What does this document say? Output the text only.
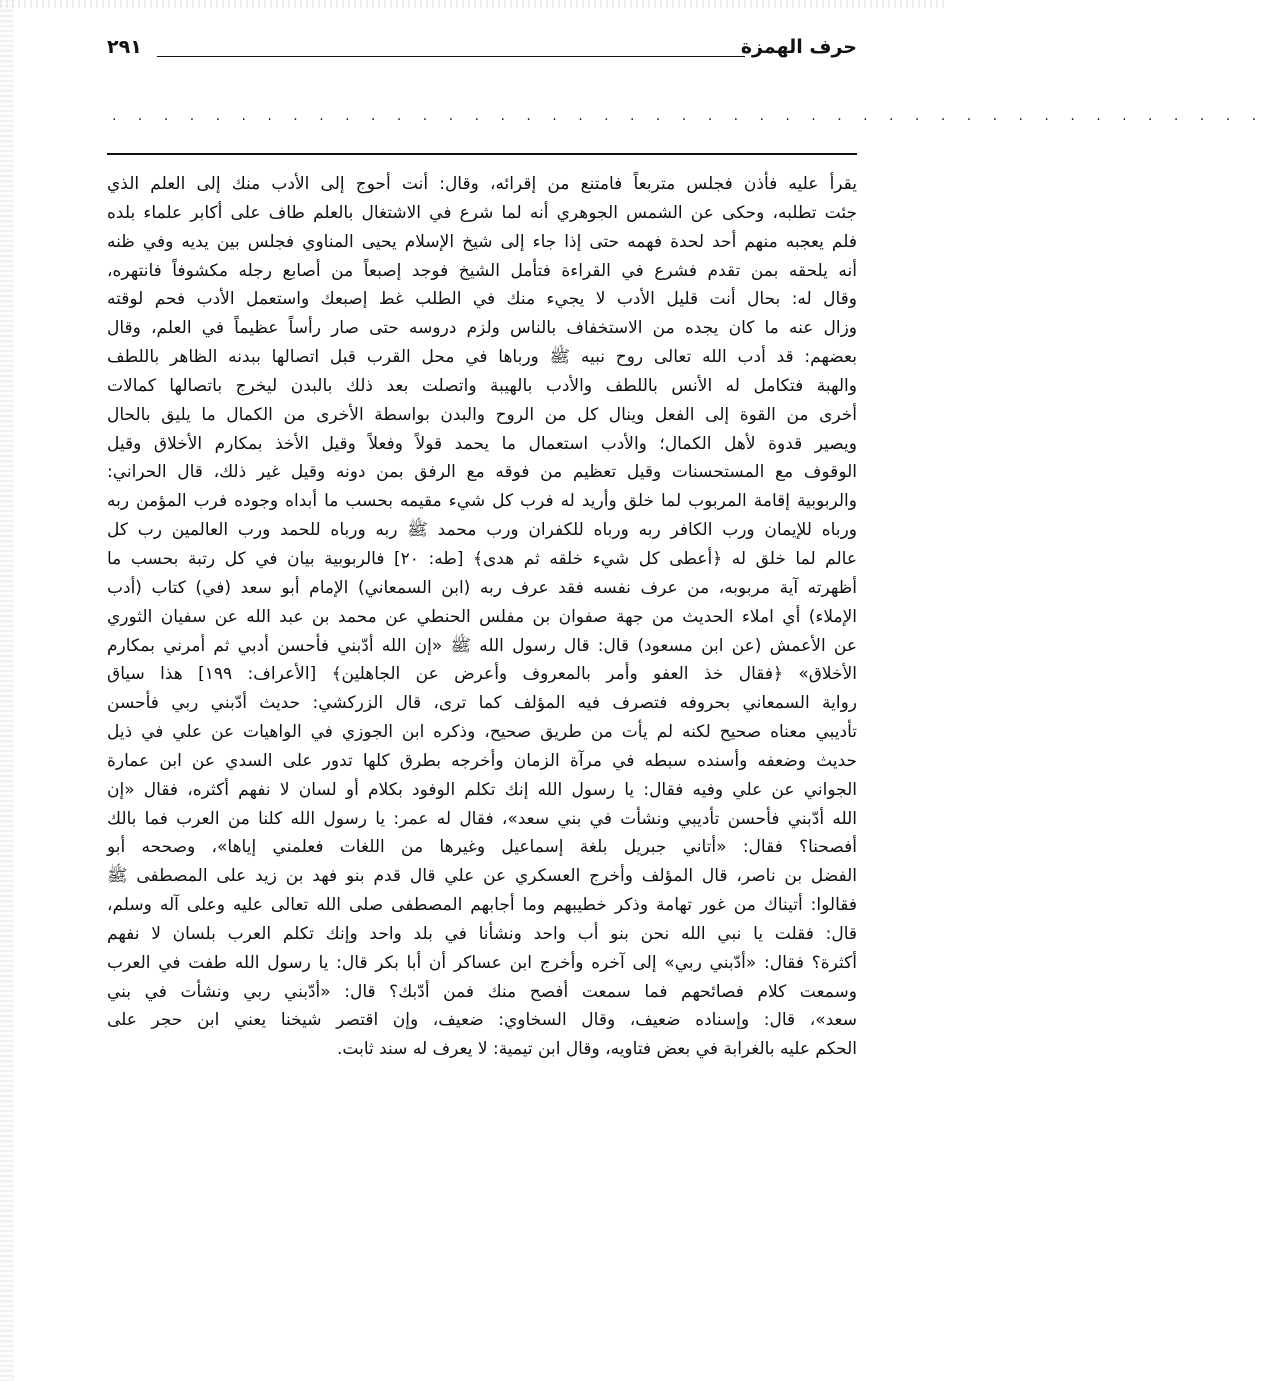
حرف الهمزة
٢٩١
. . . . . . . . . . . . . . . . . . . . . . . . . . . . . . . . . . . . . . . . . . . . .
يقرأ عليه فأذن فجلس متربعاً فامتنع من إقرائه، وقال: أنت أحوج إلى الأدب منك إلى العلم الذي
جئت تطلبه، وحكى عن الشمس الجوهري أنه لما شرع في الاشتغال بالعلم طاف على أكابر علماء بلده
فلم يعجبه منهم أحد لحدة فهمه حتى إذا جاء إلى شيخ الإسلام يحيى المناوي فجلس بين يديه وفي ظنه
أنه يلحقه بمن تقدم فشرع في القراءة فتأمل الشيخ فوجد إصبعاً من أصابع رجله مكشوفاً فانتهره،
وقال له: بحال أنت قليل الأدب لا يجيء منك في الطلب غط إصبعك واستعمل الأدب فحم لوقته
وزال عنه ما كان يجده من الاستخفاف بالناس ولزم دروسه حتى صار رأساً عظيماً في العلم، وقال
بعضهم: قد أدب الله تعالى روح نبيه ﷺ ورباها في محل القرب قبل اتصالها ببدنه الظاهر باللطف
والهبة فتكامل له الأنس باللطف والأدب بالهيبة واتصلت بعد ذلك بالبدن ليخرج باتصالها كمالات
أخرى من القوة إلى الفعل وينال كل من الروح والبدن بواسطة الأخرى من الكمال ما يليق بالحال
ويصير قدوة لأهل الكمال؛ والأدب استعمال ما يحمد قولاً وفعلاً وقيل الأخذ بمكارم الأخلاق وقيل
الوقوف مع المستحسنات وقيل تعظيم من فوقه مع الرفق بمن دونه وقيل غير ذلك، قال الحراني:
والربوبية إقامة المربوب لما خلق وأريد له فرب كل شيء مقيمه بحسب ما أبداه وجوده فرب المؤمن ربه
ورباه للإيمان ورب الكافر ربه ورباه للكفران ورب محمد ﷺ ربه ورباه للحمد ورب العالمين رب كل
عالم لما خلق له ﴿أعطى كل شيء خلقه ثم هدى﴾ [طه: ٢٠] فالربوبية بيان في كل رتبة بحسب ما
أظهرته آية مربوبه، من عرف نفسه فقد عرف ربه (ابن السمعاني) الإمام أبو سعد (في) كتاب (أدب
الإملاء) أي املاء الحديث من جهة صفوان بن مفلس الحنطي عن محمد بن عبد الله عن سفيان الثوري
عن الأعمش (عن ابن مسعود) قال: قال رسول الله ﷺ «إن الله أدّبني فأحسن أدبي ثم أمرني بمكارم
الأخلاق» ﴿فقال خذ العفو وأمر بالمعروف وأعرض عن الجاهلين﴾ [الأعراف: ١٩٩] هذا سياق
رواية السمعاني بحروفه فتصرف فيه المؤلف كما ترى، قال الزركشي: حديث أدّبني ربي فأحسن
تأديبي معناه صحيح لكنه لم يأت من طريق صحيح، وذكره ابن الجوزي في الواهيات عن علي في ذيل
حديث وضعفه وأسنده سبطه في مرآة الزمان وأخرجه بطرق كلها تدور على السدي عن ابن عمارة
الجواني عن علي وفيه فقال: يا رسول الله إنك تكلم الوفود بكلام أو لسان لا نفهم أكثره، فقال «إن
الله أدّبني فأحسن تأديبي ونشأت في بني سعد»، فقال له عمر: يا رسول الله كلنا من العرب فما بالك
أفصحنا؟ فقال: «أتاني جبريل بلغة إسماعيل وغيرها من اللغات فعلمني إياها»، وصححه أبو
الفضل بن ناصر، قال المؤلف وأخرج العسكري عن علي قال قدم بنو فهد بن زيد على المصطفى ﷺ
فقالوا: أتيناك من غور تهامة وذكر خطيبهم وما أجابهم المصطفى صلى الله تعالى عليه وعلى آله وسلم،
قال: فقلت يا نبي الله نحن بنو أب واحد ونشأنا في بلد واحد وإنك تكلم العرب بلسان لا نفهم
أكثرة؟ فقال: «أدّبني ربي» إلى آخره وأخرج ابن عساكر أن أبا بكر قال: يا رسول الله طفت في العرب
وسمعت كلام فصائحهم فما سمعت أفصح منك فمن أدّبك؟ قال: «أدّبني ربي ونشأت في بني
سعد»، قال: وإسناده ضعيف، وقال السخاوي: ضعيف، وإن اقتصر شيخنا يعني ابن حجر على
الحكم عليه بالغرابة في بعض فتاويه، وقال ابن تيمية: لا يعرف له سند ثابت.
